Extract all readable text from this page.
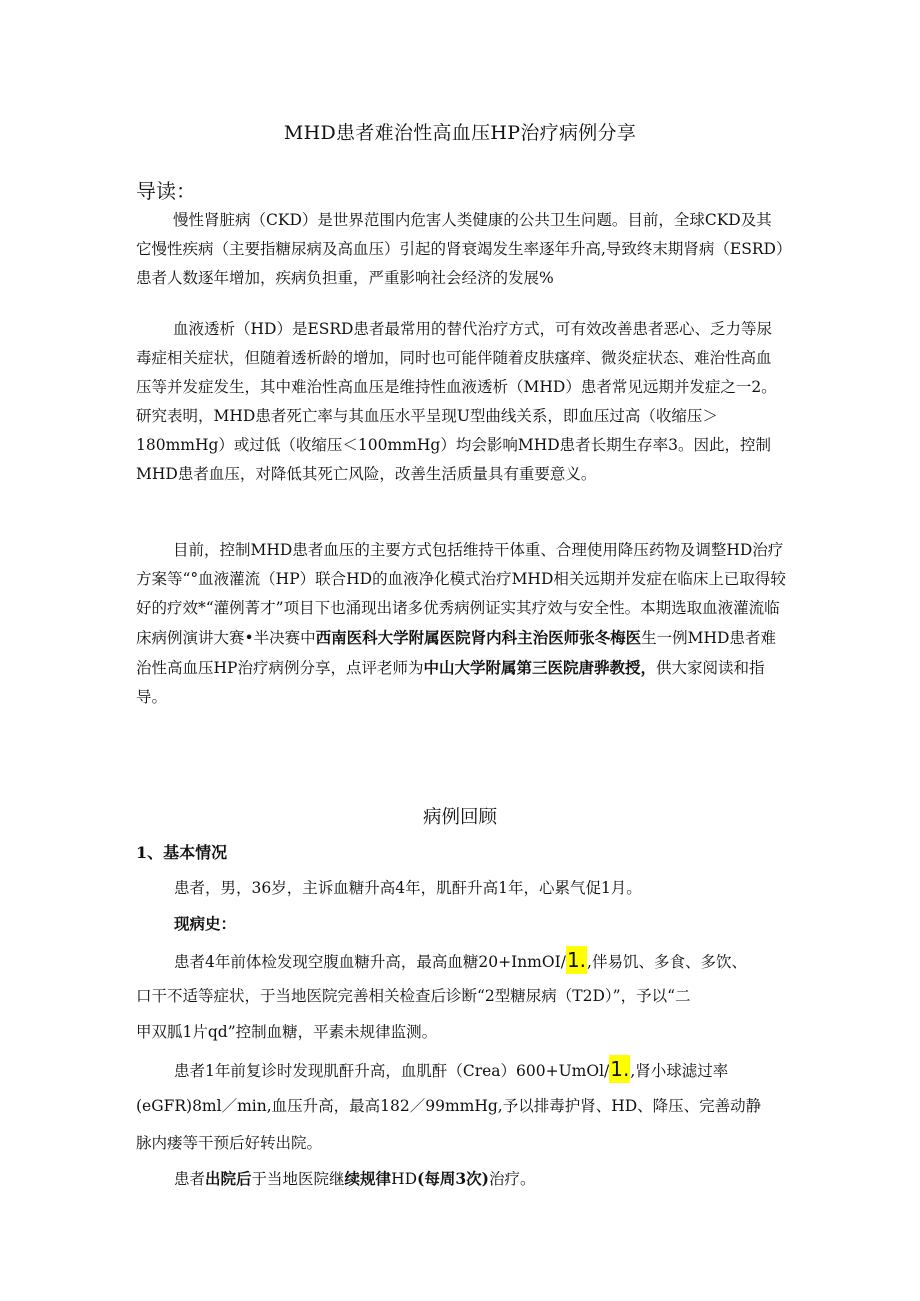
MHD患者难治性高血压HP治疗病例分享
导读：

慢性肾脏病（CKD）是世界范围内危害人类健康的公共卫生问题。目前，全球CKD及其它慢性疾病（主要指糖尿病及高血压）引起的肾衰竭发生率逐年升高,导致终末期肾病（ESRD）患者人数逐年增加，疾病负担重，严重影响社会经济的发展%

血液透析（HD）是ESRD患者最常用的替代治疗方式，可有效改善患者恶心、乏力等尿毒症相关症状，但随着透析龄的增加，同时也可能伴随着皮肤瘙痒、微炎症状态、难治性高血压等并发症发生，其中难治性高血压是维持性血液透析（MHD）患者常见远期并发症之一2。研究表明，MHD患者死亡率与其血压水平呈现U型曲线关系，即血压过高（收缩压＞180mmHg）或过低（收缩压＜100mmHg）均会影响MHD患者长期生存率3。因此，控制MHD患者血压，对降低其死亡风险，改善生活质量具有重要意义。

目前，控制MHD患者血压的主要方式包括维持干体重、合理使用降压药物及调整HD治疗方案等“°血液灌流（HP）联合HD的血液净化模式治疗MHD相关远期并发症在临床上已取得较好的疗效*“灌例菁才”项目下也涌现出诸多优秀病例证实其疗效与安全性。本期选取血液灌流临床病例演讲大赛•半决赛中西南医科大学附属医院肾内科主治医师张冬梅医生一例MHD患者难治性高血压HP治疗病例分享，点评老师为中山大学附属第三医院唐骅教授，供大家阅读和指导。

病例回顾
1、基本情况
患者，男，36岁，主诉血糖升高4年，肌酐升高1年，心累气促1月。
现病史：
患者4年前体检发现空腹血糖升高，最高血糖20+InmOI/1.,伴易饥、多食、多饮、
口干不适等症状，于当地医院完善相关检查后诊断“2型糖尿病（T2D）”，予以“二
甲双胍1片qd”控制血糖，平素未规律监测。
患者1年前复诊时发现肌酐升高，血肌酐（Crea）600+UmOl/1.,肾小球滤过率
(eGFR)8ml／min,血压升高，最高182／99mmHg,予以排毒护肾、HD、降压、完善动静
脉内瘘等干预后好转出院。
患者出院后于当地医院继续规律HD(每周3次)治疗。
